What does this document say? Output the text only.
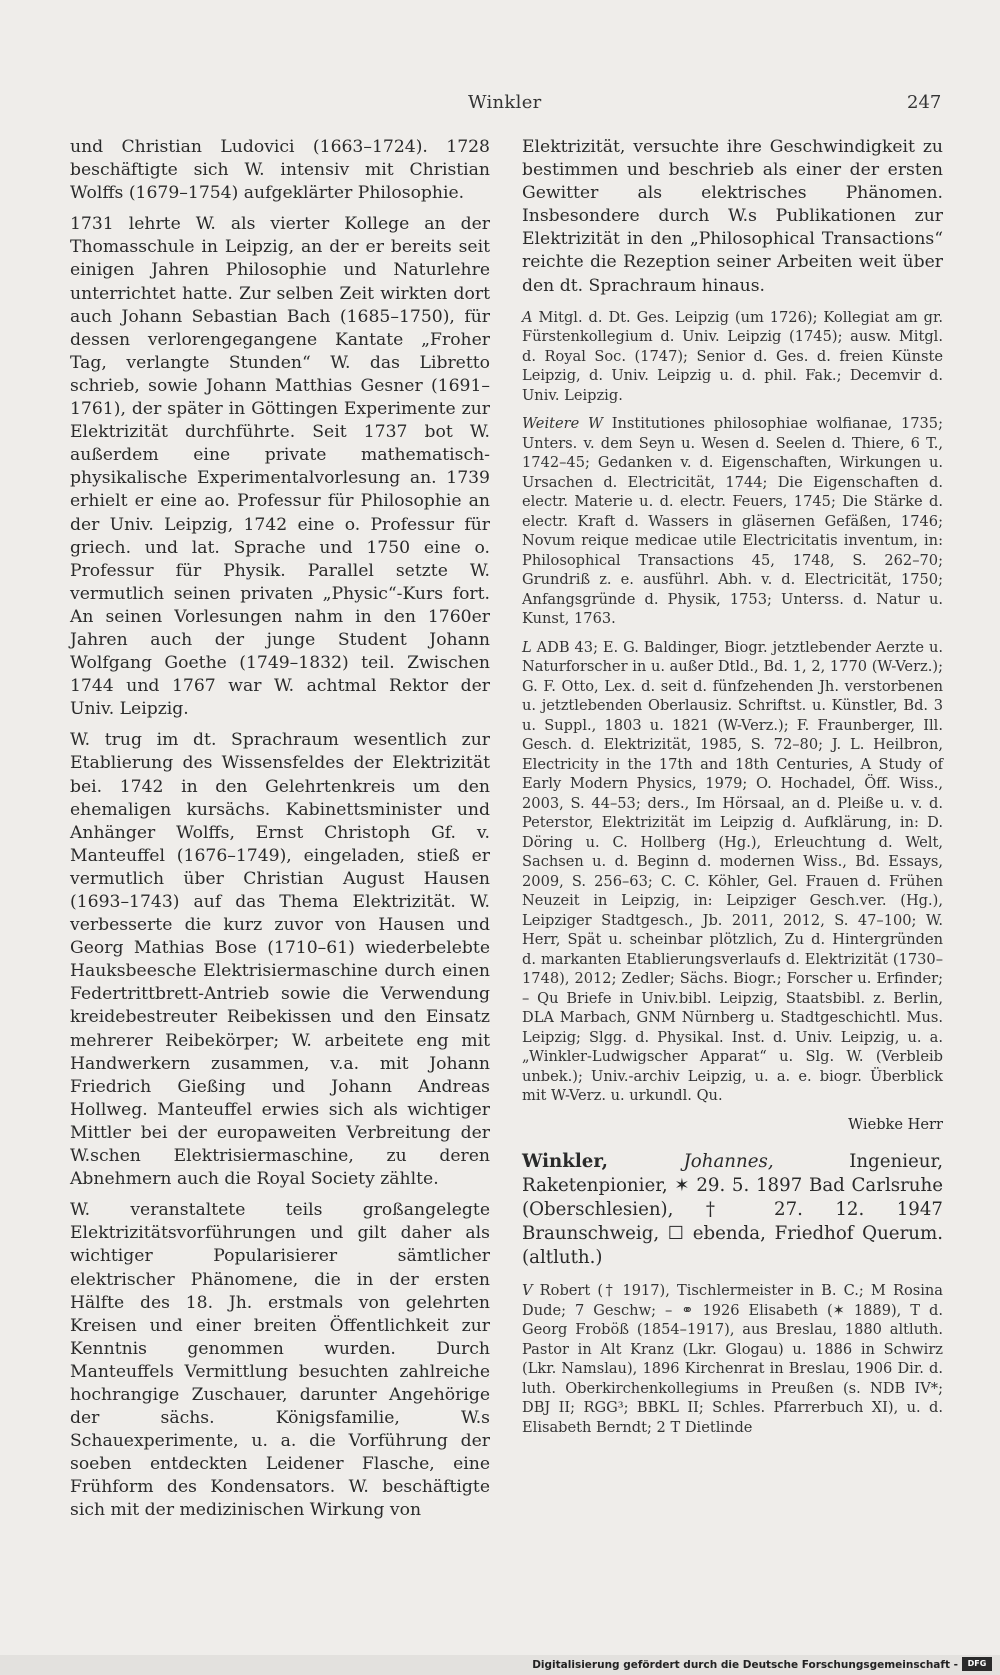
Winkler	247

und Christian Ludovici (1663–1724). 1728 beschäftigte sich W. intensiv mit Christian Wolffs (1679–1754) aufgeklärter Philosophie.

1731 lehrte W. als vierter Kollege an der Thomasschule in Leipzig, an der er bereits seit einigen Jahren Philosophie und Naturlehre unterrichtet hatte. Zur selben Zeit wirkten dort auch Johann Sebastian Bach (1685–1750), für dessen verlorengegangene Kantate „Froher Tag, verlangte Stunden“ W. das Libretto schrieb, sowie Johann Matthias Gesner (1691–1761), der später in Göttingen Experimente zur Elektrizität durchführte. Seit 1737 bot W. außerdem eine private mathematisch-physikalische Experimentalvorlesung an. 1739 erhielt er eine ao. Professur für Philosophie an der Univ. Leipzig, 1742 eine o. Professur für griech. und lat. Sprache und 1750 eine o. Professur für Physik. Parallel setzte W. vermutlich seinen privaten „Physic“-Kurs fort. An seinen Vorlesungen nahm in den 1760er Jahren auch der junge Student Johann Wolfgang Goethe (1749–1832) teil. Zwischen 1744 und 1767 war W. achtmal Rektor der Univ. Leipzig.

W. trug im dt. Sprachraum wesentlich zur Etablierung des Wissensfeldes der Elektrizität bei. 1742 in den Gelehrtenkreis um den ehemaligen kursächs. Kabinettsminister und Anhänger Wolffs, Ernst Christoph Gf. v. Manteuffel (1676–1749), eingeladen, stieß er vermutlich über Christian August Hausen (1693–1743) auf das Thema Elektrizität. W. verbesserte die kurz zuvor von Hausen und Georg Mathias Bose (1710–61) wiederbelebte Hauksbeesche Elektrisiermaschine durch einen Federtrittbrett-Antrieb sowie die Verwendung kreidebestreuter Reibekissen und den Einsatz mehrerer Reibekörper; W. arbeitete eng mit Handwerkern zusammen, v.a. mit Johann Friedrich Gießing und Johann Andreas Hollweg. Manteuffel erwies sich als wichtiger Mittler bei der europaweiten Verbreitung der W.schen Elektrisiermaschine, zu deren Abnehmern auch die Royal Society zählte.

W. veranstaltete teils großangelegte Elektrizitätsvorführungen und gilt daher als wichtiger Popularisierer sämtlicher elektrischer Phänomene, die in der ersten Hälfte des 18. Jh. erstmals von gelehrten Kreisen und einer breiten Öffentlichkeit zur Kenntnis genommen wurden. Durch Manteuffels Vermittlung besuchten zahlreiche hochrangige Zuschauer, darunter Angehörige der sächs. Königsfamilie, W.s Schauexperimente, u. a. die Vorführung der soeben entdeckten Leidener Flasche, eine Frühform des Kondensators. W. beschäftigte sich mit der medizinischen Wirkung von

Elektrizität, versuchte ihre Geschwindigkeit zu bestimmen und beschrieb als einer der ersten Gewitter als elektrisches Phänomen. Insbesondere durch W.s Publikationen zur Elektrizität in den „Philosophical Transactions“ reichte die Rezeption seiner Arbeiten weit über den dt. Sprachraum hinaus.

A Mitgl. d. Dt. Ges. Leipzig (um 1726); Kollegiat am gr. Fürstenkollegium d. Univ. Leipzig (1745); ausw. Mitgl. d. Royal Soc. (1747); Senior d. Ges. d. freien Künste Leipzig, d. Univ. Leipzig u. d. phil. Fak.; Decemvir d. Univ. Leipzig.

Weitere W Institutiones philosophiae wolfianae, 1735; Unters. v. dem Seyn u. Wesen d. Seelen d. Thiere, 6 T., 1742–45; Gedanken v. d. Eigenschaften, Wirkungen u. Ursachen d. Electricität, 1744; Die Eigenschaften d. electr. Materie u. d. electr. Feuers, 1745; Die Stärke d. electr. Kraft d. Wassers in gläsernen Gefäßen, 1746; Novum reique medicae utile Electricitatis inventum, in: Philosophical Transactions 45, 1748, S. 262–70; Grundriß z. e. ausführl. Abh. v. d. Electricität, 1750; Anfangsgründe d. Physik, 1753; Unterss. d. Natur u. Kunst, 1763.

L ADB 43; E. G. Baldinger, Biogr. jetztlebender Aerzte u. Naturforscher in u. außer Dtld., Bd. 1, 2, 1770 (W-Verz.); G. F. Otto, Lex. d. seit d. fünfzehenden Jh. verstorbenen u. jetztlebenden Oberlausiz. Schriftst. u. Künstler, Bd. 3 u. Suppl., 1803 u. 1821 (W-Verz.); F. Fraunberger, Ill. Gesch. d. Elektrizität, 1985, S. 72–80; J. L. Heilbron, Electricity in the 17th and 18th Centuries, A Study of Early Modern Physics, 1979; O. Hochadel, Öff. Wiss., 2003, S. 44–53; ders., Im Hörsaal, an d. Pleiße u. v. d. Peterstor, Elektrizität im Leipzig d. Aufklärung, in: D. Döring u. C. Hollberg (Hg.), Erleuchtung d. Welt, Sachsen u. d. Beginn d. modernen Wiss., Bd. Essays, 2009, S. 256–63; C. C. Köhler, Gel. Frauen d. Frühen Neuzeit in Leipzig, in: Leipziger Gesch.ver. (Hg.), Leipziger Stadtgesch., Jb. 2011, 2012, S. 47–100; W. Herr, Spät u. scheinbar plötzlich, Zu d. Hintergründen d. markanten Etablierungsverlaufs d. Elektrizität (1730–1748), 2012; Zedler; Sächs. Biogr.; Forscher u. Erfinder; – Qu Briefe in Univ.bibl. Leipzig, Staatsbibl. z. Berlin, DLA Marbach, GNM Nürnberg u. Stadtgeschichtl. Mus. Leipzig; Slgg. d. Physikal. Inst. d. Univ. Leipzig, u. a. „Winkler-Ludwigscher Apparat“ u. Slg. W. (Verbleib unbek.); Univ.-archiv Leipzig, u. a. e. biogr. Überblick mit W-Verz. u. urkundl. Qu.

Wiebke Herr

Winkler,	Johannes,	Ingenieur, Raketenpionier, ✶ 29. 5. 1897 Bad Carlsruhe (Oberschlesien), † 27. 12. 1947 Braunschweig, ☐ ebenda, Friedhof Querum. (altluth.)

V Robert († 1917), Tischlermeister in B. C.; M Rosina Dude; 7 Geschw; – ⚭ 1926 Elisabeth (✶ 1889), T d. Georg Froböß (1854–1917), aus Breslau, 1880 altluth. Pastor in Alt Kranz (Lkr. Glogau) u. 1886 in Schwirz (Lkr. Namslau), 1896 Kirchenrat in Breslau, 1906 Dir. d. luth. Oberkirchenkollegiums in Preußen (s. NDB IV*; DBJ II; RGG³; BBKL II; Schles. Pfarrerbuch XI), u. d. Elisabeth Berndt; 2 T Dietlinde

Digitalisierung gefördert durch die Deutsche Forschungsgemeinschaft -	DFG
